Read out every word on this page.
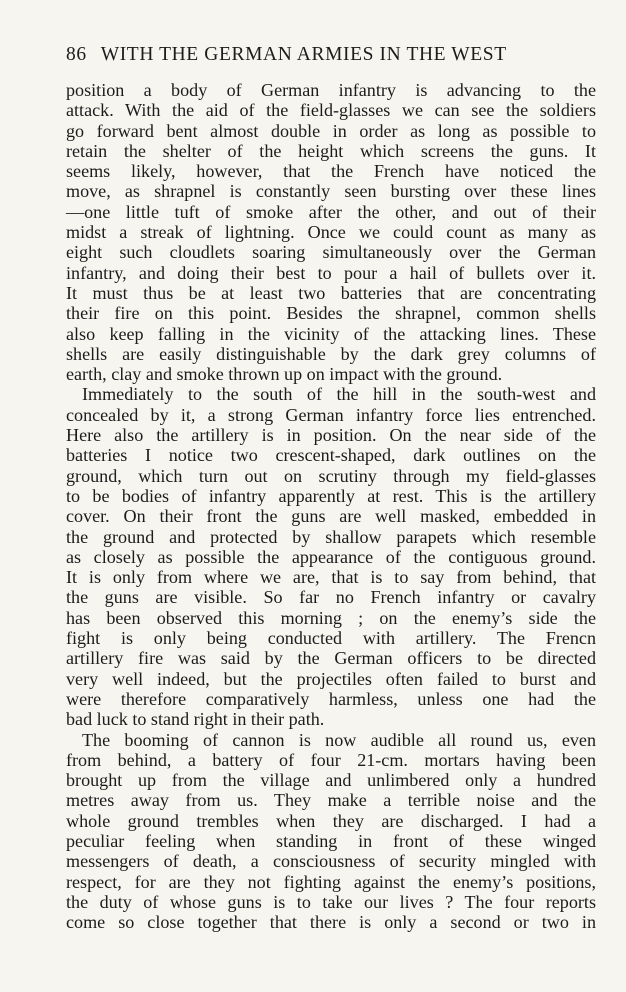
86 WITH THE GERMAN ARMIES IN THE WEST
position a body of German infantry is advancing to the
attack. With the aid of the field-glasses we can see the soldiers
go forward bent almost double in order as long as possible to
retain the shelter of the height which screens the guns. It
seems likely, however, that the French have noticed the
move, as shrapnel is constantly seen bursting over these lines
—one little tuft of smoke after the other, and out of their
midst a streak of lightning. Once we could count as many as
eight such cloudlets soaring simultaneously over the German
infantry, and doing their best to pour a hail of bullets over it.
It must thus be at least two batteries that are concentrating
their fire on this point. Besides the shrapnel, common shells
also keep falling in the vicinity of the attacking lines. These
shells are easily distinguishable by the dark grey columns of
earth, clay and smoke thrown up on impact with the ground.
Immediately to the south of the hill in the south-west and
concealed by it, a strong German infantry force lies entrenched.
Here also the artillery is in position. On the near side of the
batteries I notice two crescent-shaped, dark outlines on the
ground, which turn out on scrutiny through my field-glasses
to be bodies of infantry apparently at rest. This is the artillery
cover. On their front the guns are well masked, embedded in
the ground and protected by shallow parapets which resemble
as closely as possible the appearance of the contiguous ground.
It is only from where we are, that is to say from behind, that
the guns are visible. So far no French infantry or cavalry
has been observed this morning ; on the enemy’s side the
fight is only being conducted with artillery. The Frencn
artillery fire was said by the German officers to be directed
very well indeed, but the projectiles often failed to burst and
were therefore comparatively harmless, unless one had the
bad luck to stand right in their path.
The booming of cannon is now audible all round us, even
from behind, a battery of four 21-cm. mortars having been
brought up from the village and unlimbered only a hundred
metres away from us. They make a terrible noise and the
whole ground trembles when they are discharged. I had a
peculiar feeling when standing in front of these winged
messengers of death, a consciousness of security mingled with
respect, for are they not fighting against the enemy’s positions,
the duty of whose guns is to take our lives ? The four reports
come so close together that there is only a second or two in
